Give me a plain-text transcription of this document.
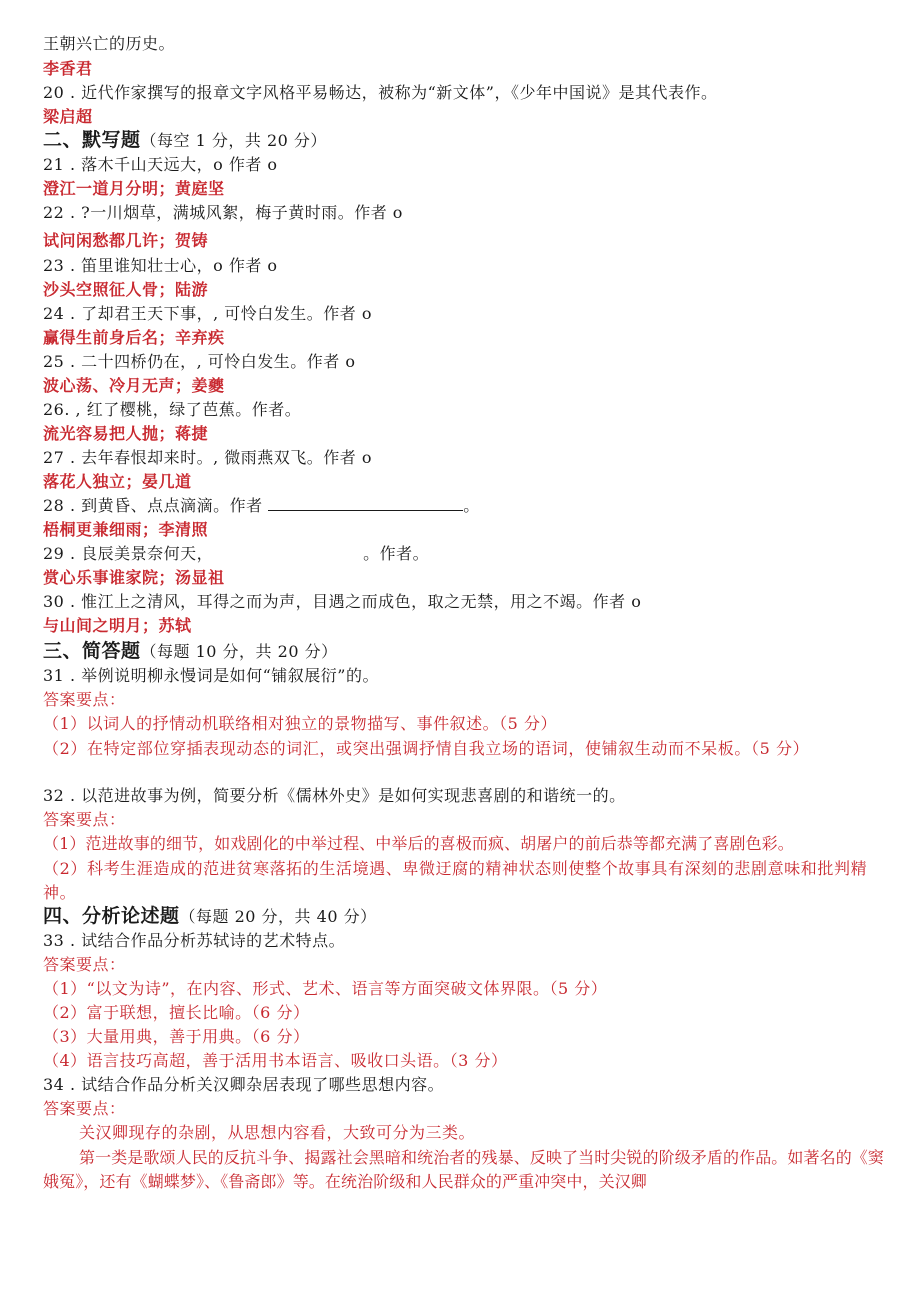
王朝兴亡的历史。
李香君
20 . 近代作家撰写的报章文字风格平易畅达，被称为“新文体”，《少年中国说》是其代表作。
梁启超
二、默写题（每空 1 分，共 20 分）
21 . 落木千山天远大，o 作者 o
澄江一道月分明；黄庭坚
22 . ?一川烟草，满城风絮，梅子黄时雨。作者 o
试问闲愁都几许；贺铸
23 . 笛里谁知壮士心，o 作者 o
沙头空照征人骨；陆游
24 . 了却君王天下事，, 可怜白发生。作者 o
赢得生前身后名；辛弃疾
25 . 二十四桥仍在，, 可怜白发生。作者 o
波心荡、冷月无声；姜夔
26. , 红了樱桃，绿了芭蕉。作者。
流光容易把人抛；蒋捷
27 . 去年春恨却来时。, 微雨燕双飞。作者 o
落花人独立；晏几道
28 . 到黄昏、点点滴滴。作者	。
梧桐更兼细雨；李清照
29 . 良辰美景奈何天，	。作者。
赏心乐事谁家院；汤显祖
30 . 惟江上之清风，耳得之而为声，目遇之而成色，取之无禁，用之不竭。作者 o
与山间之明月；苏轼
三、简答题（每题 10 分，共 20 分）
31 . 举例说明柳永慢词是如何“铺叙展衍”的。
答案要点：
（1）以词人的抒情动机联络相对独立的景物描写、事件叙述。（5 分）
（2）在特定部位穿插表现动态的词汇，或突出强调抒情自我立场的语词，使铺叙生动而不呆板。（5 分）
32 . 以范进故事为例，简要分析《儒林外史》是如何实现悲喜剧的和谐统一的。
答案要点：
（1）范进故事的细节，如戏剧化的中举过程、中举后的喜极而疯、胡屠户的前后恭等都充满了喜剧色彩。
（2）科考生涯造成的范进贫寒落拓的生活境遇、卑微迂腐的精神状态则使整个故事具有深刻的悲剧意味和批判精神。
四、分析论述题（每题 20 分，共 40 分）
33 . 试结合作品分析苏轼诗的艺术特点。
答案要点：
（1）“以文为诗”，在内容、形式、艺术、语言等方面突破文体界限。（5 分）
（2）富于联想，擅长比喻。（6 分）
（3）大量用典，善于用典。（6 分）
（4）语言技巧高超，善于活用书本语言、吸收口头语。（3 分）
34 . 试结合作品分析关汉卿杂居表现了哪些思想内容。
答案要点：
关汉卿现存的杂剧，从思想内容看，大致可分为三类。
第一类是歌颂人民的反抗斗争、揭露社会黑暗和统治者的残暴、反映了当时尖锐的阶级矛盾的作品。如著名的《窦娥冤》，还有《蝴蝶梦》、《鲁斋郎》等。在统治阶级和人民群众的严重冲突中，关汉卿
